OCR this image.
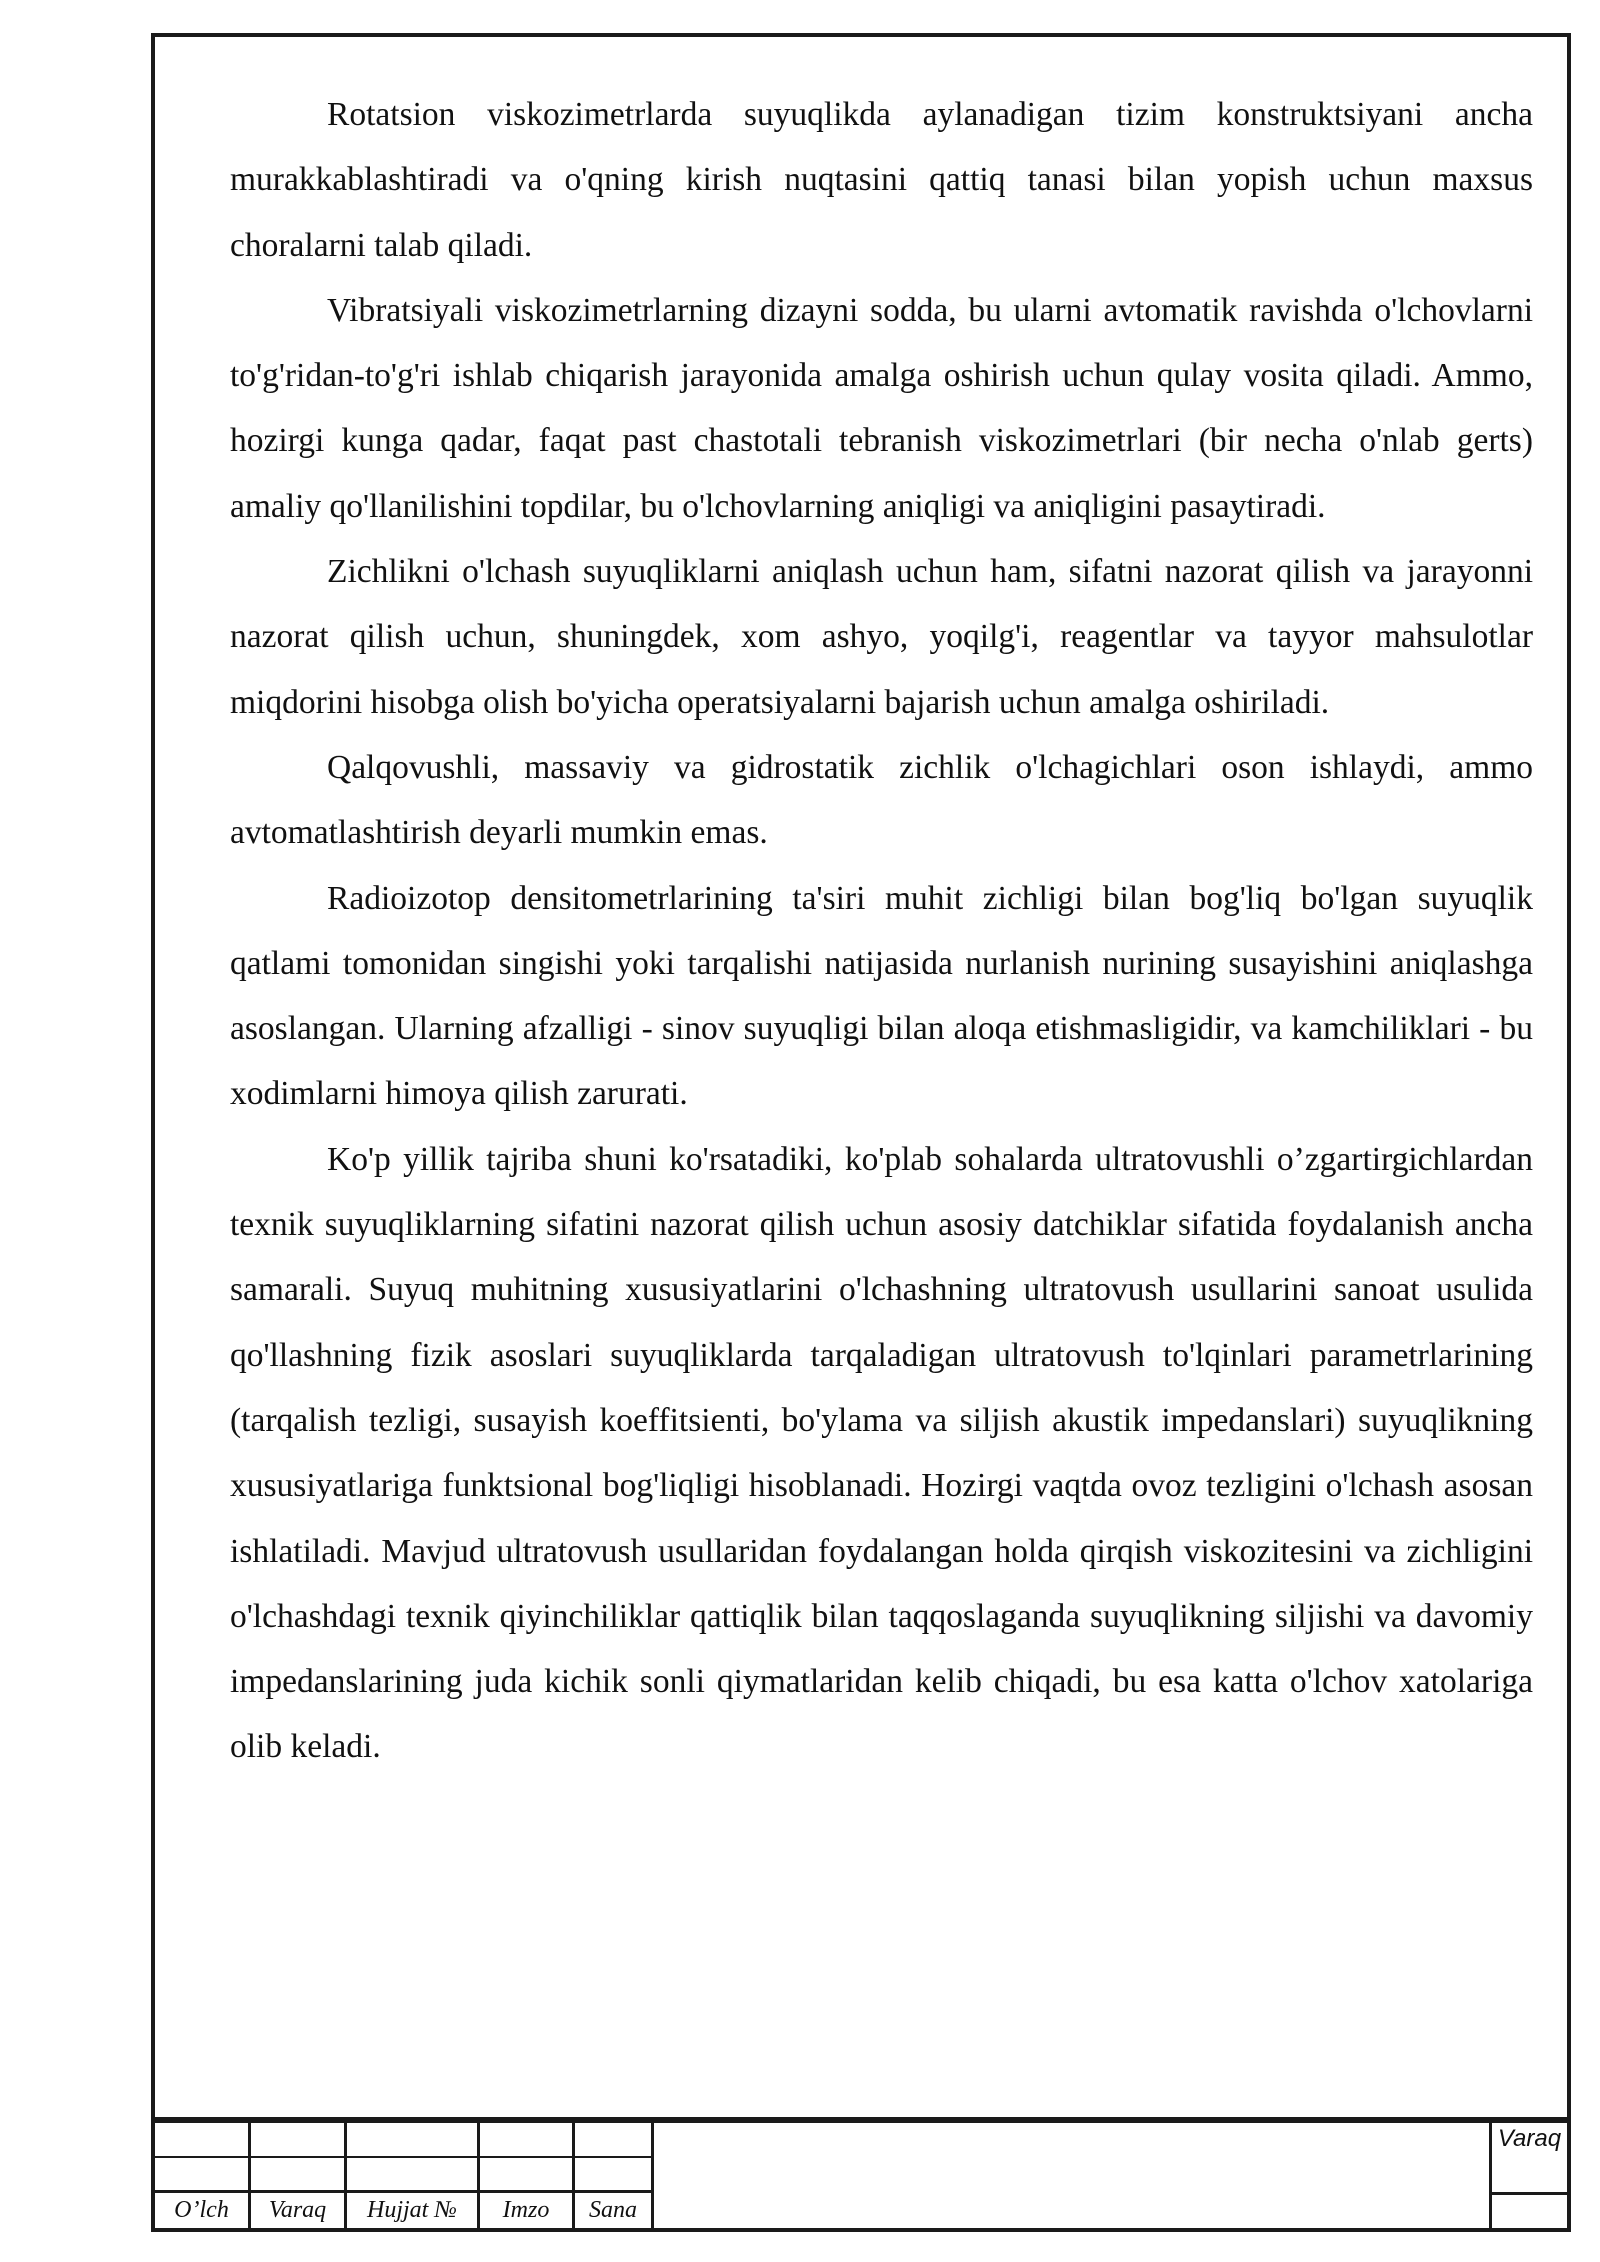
Rotatsion viskozimetrlarda suyuqlikda aylanadigan tizim konstruktsiyani ancha murakkablashtiradi va o'qning kirish nuqtasini qattiq tanasi bilan yopish uchun maxsus choralarni talab qiladi.

Vibratsiyali viskozimetrlarning dizayni sodda, bu ularni avtomatik ravishda o'lchovlarni to'g'ridan-to'g'ri ishlab chiqarish jarayonida amalga oshirish uchun qulay vosita qiladi. Ammo, hozirgi kunga qadar, faqat past chastotali tebranish viskozimetrlari (bir necha o'nlab gerts) amaliy qo'llanilishini topdilar, bu o'lchovlarning aniqligi va aniqligini pasaytiradi.

Zichlikni o'lchash suyuqliklarni aniqlash uchun ham, sifatni nazorat qilish va jarayonni nazorat qilish uchun, shuningdek, xom ashyo, yoqilg'i, reagentlar va tayyor mahsulotlar miqdorini hisobga olish bo'yicha operatsiyalarni bajarish uchun amalga oshiriladi.

Qalqovushli, massaviy va gidrostatik zichlik o'lchagichlari oson ishlaydi, ammo avtomatlashtirish deyarli mumkin emas.

Radioizotop densitometrlarining ta'siri muhit zichligi bilan bog'liq bo'lgan suyuqlik qatlami tomonidan singishi yoki tarqalishi natijasida nurlanish nurining susayishini aniqlashga asoslangan. Ularning afzalligi - sinov suyuqligi bilan aloqa etishmasligidir, va kamchiliklari - bu xodimlarni himoya qilish zarurati.

Ko'p yillik tajriba shuni ko'rsatadiki, ko'plab sohalarda ultratovushli o’zgartirgichlardan texnik suyuqliklarning sifatini nazorat qilish uchun asosiy datchiklar sifatida foydalanish ancha samarali. Suyuq muhitning xususiyatlarini o'lchashning ultratovush usullarini sanoat usulida qo'llashning fizik asoslari suyuqliklarda tarqaladigan ultratovush to'lqinlari parametrlarining (tarqalish tezligi, susayish koeffitsienti, bo'ylama va siljish akustik impedanslari) suyuqlikning xususiyatlariga funktsional bog'liqligi hisoblanadi. Hozirgi vaqtda ovoz tezligini o'lchash asosan ishlatiladi. Mavjud ultratovush usullaridan foydalangan holda qirqish viskozitesini va zichligini o'lchashdagi texnik qiyinchiliklar qattiqlik bilan taqqoslaganda suyuqlikning siljishi va davomiy impedanslarining juda kichik sonli qiymatlaridan kelib chiqadi, bu esa katta o'lchov xatolariga olib keladi.

O’lch	Varaq	Hujjat №	Imzo	Sana
Varaq
